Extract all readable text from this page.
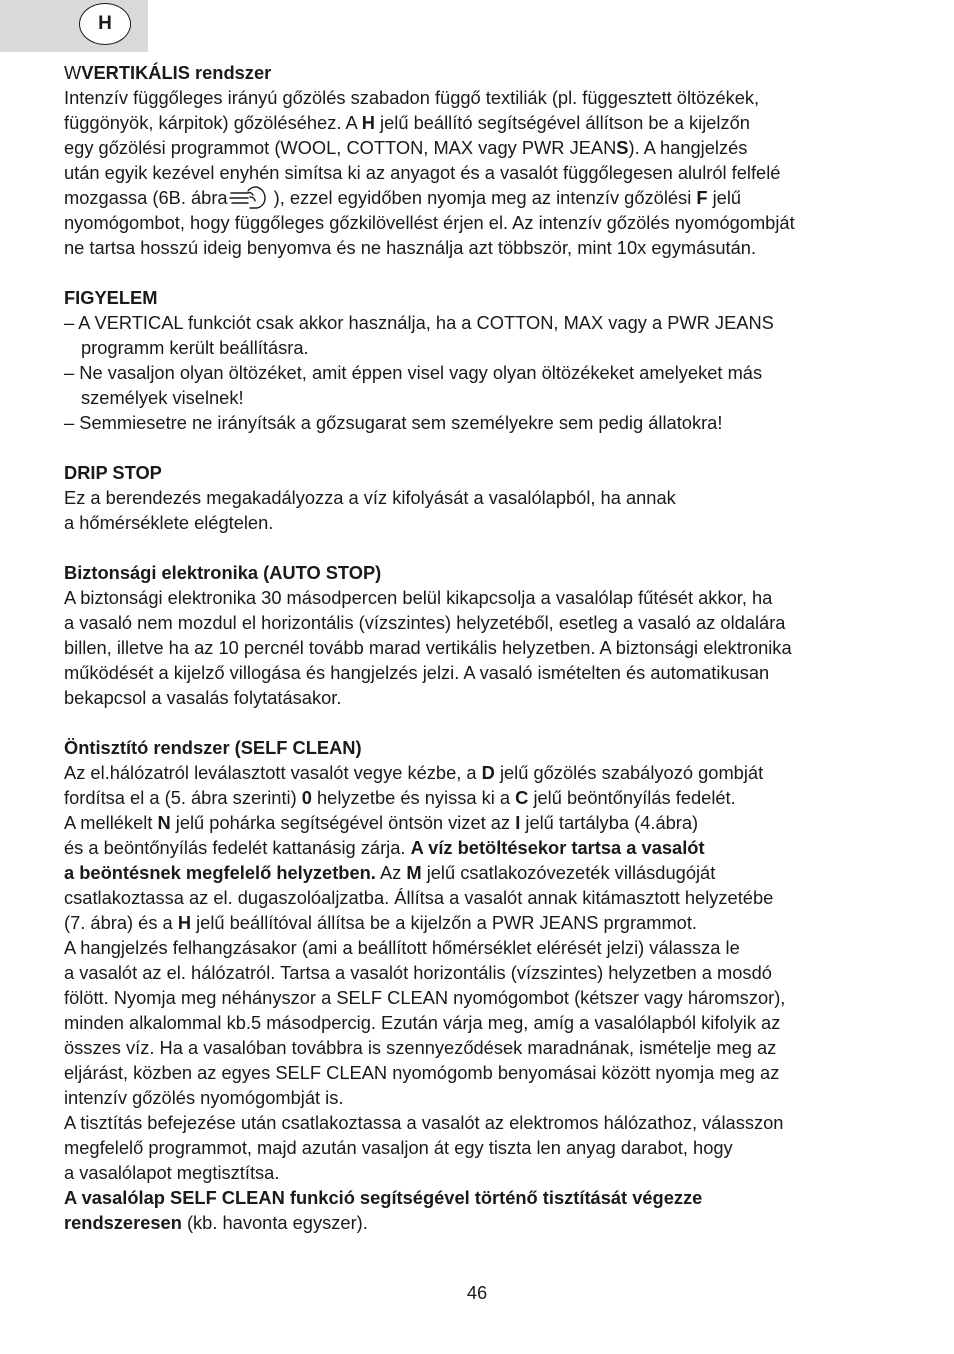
H
WVERTIKÁLIS rendszer
Intenzív függőleges irányú gőzölés szabadon függő textiliák (pl. függesztett öltözékek,
függönyök, kárpitok) gőzöléséhez. A H jelű beállító segítségével állítson be a kijelzőn
egy gőzölési programmot (WOOL, COTTON, MAX vagy PWR JEANS). A hangjelzés
után egyik kezével enyhén simítsa ki az anyagot és a vasalót függőlegesen alulról felfelé
mozgassa (6B. ábra	), ezzel egyidőben nyomja meg az intenzív gőzölési F jelű
nyomógombot, hogy függőleges gőzkilövellést érjen el. Az intenzív gőzölés nyomógombját
ne tartsa hosszú ideig benyomva és ne használja azt többször, mint 10x egymásután.
FIGYELEM
– A VERTICAL funkciót csak akkor használja, ha a COTTON, MAX vagy a PWR JEANS
programm került beállításra.
– Ne vasaljon olyan öltözéket, amit éppen visel vagy olyan öltözékeket amelyeket más
személyek viselnek!
– Semmiesetre ne irányítsák a gőzsugarat sem személyekre sem pedig állatokra!
DRIP STOP
Ez a berendezés megakadályozza a víz kifolyását a vasalólapból, ha annak
a hőmérséklete elégtelen.
Biztonsági elektronika (AUTO STOP)
A biztonsági elektronika 30 másodpercen belül kikapcsolja a vasalólap fűtését akkor, ha
a vasaló nem mozdul el horizontális (vízszintes) helyzetéből, esetleg a vasaló az oldalára
billen, illetve ha az 10 percnél tovább marad vertikális helyzetben. A biztonsági elektronika
működését a kijelző villogása és hangjelzés jelzi. A vasaló ismételten és automatikusan
bekapcsol a vasalás folytatásakor.
Öntisztító rendszer (SELF CLEAN)
Az el.hálózatról leválasztott vasalót vegye kézbe, a D jelű gőzölés szabályozó gombját
fordítsa el a (5. ábra szerinti) 0 helyzetbe és nyissa ki a C jelű beöntőnyílás fedelét.
A mellékelt N jelű pohárka segítségével öntsön vizet az I jelű tartályba (4.ábra)
és a beöntőnyílás fedelét kattanásig zárja. A víz betöltésekor tartsa a vasalót
a beöntésnek megfelelő helyzetben. Az M jelű csatlakozóvezeték villásdugóját
csatlakoztassa az el. dugaszolóaljzatba. Állítsa a vasalót annak kitámasztott helyzetébe
(7. ábra) és a H jelű beállítóval állítsa be a kijelzőn a PWR JEANS prgrammot.
A hangjelzés felhangzásakor (ami a beállított hőmérséklet elérését jelzi) válassza le
a vasalót az el. hálózatról. Tartsa a vasalót horizontális (vízszintes) helyzetben a mosdó
fölött. Nyomja meg néhányszor a SELF CLEAN nyomógombot (kétszer vagy háromszor),
minden alkalommal kb.5 másodpercig. Ezután várja meg, amíg a vasalólapból kifolyik az
összes víz. Ha a vasalóban továbbra is szennyeződések maradnának, ismételje meg az
eljárást, közben az egyes SELF CLEAN nyomógomb benyomásai között nyomja meg az
intenzív gőzölés nyomógombját is.
A tisztítás befejezése után csatlakoztassa a vasalót az elektromos hálózathoz, válasszon
megfelelő programmot, majd azután vasaljon át egy tiszta len anyag darabot, hogy
a vasalólapot megtisztítsa.
A vasalólap SELF CLEAN funkció segítségével történő tisztítását végezze
rendszeresen (kb. havonta egyszer).
46
